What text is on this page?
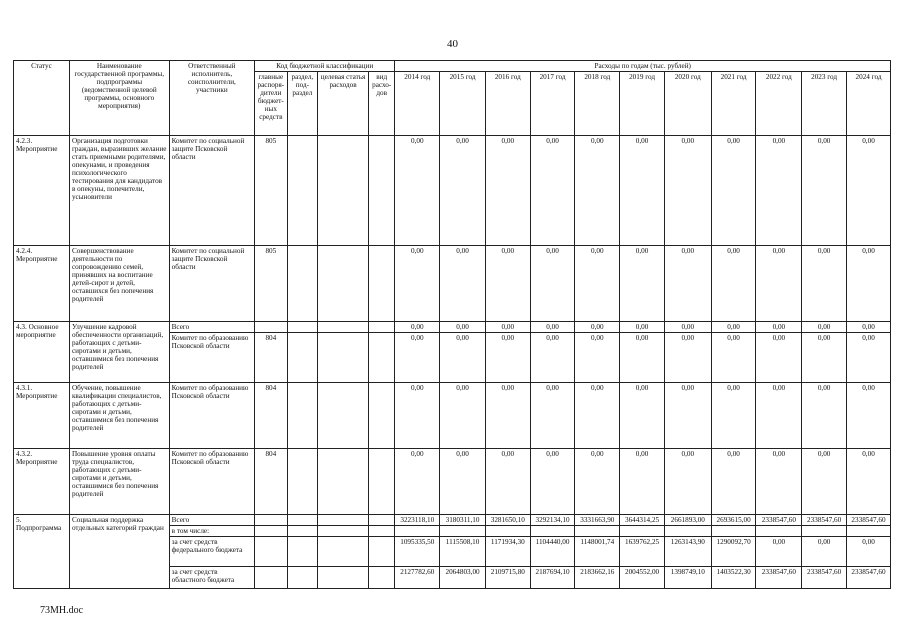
40
Статус	Наименование государственной программы, подпрограммы (ведомственной целевой программы, основного мероприятия)	Ответственный исполнитель, соисполнители, участники	Код бюджетной классификации				Расходы по годам (тыс. рублей)										
			главные распоря-дители бюджет-ных средств	раздел, под-раздел	целевая статья расходов	вид расхо-дов	2014 год	2015 год	2016 год	2017 год	2018 год	2019 год	2020 год	2021 год	2022 год	2023 год	2024 год
4.2.3. Мероприятие	Организация подготовки граждан, выразивших желание стать приемными родителями, опекунами, и проведения психологического тестирования для кандидатов в опекуны, попечители, усыновители	Комитет по социальной защите Псковской области	805				0,00	0,00	0,00	0,00	0,00	0,00	0,00	0,00	0,00	0,00	0,00
4.2.4. Мероприятие	Совершенствование деятельности по сопровождению семей, принявших на воспитание детей-сирот и детей, оставшихся без попечения родителей	Комитет по социальной защите Псковской области	805				0,00	0,00	0,00	0,00	0,00	0,00	0,00	0,00	0,00	0,00	0,00
4.3. Основное мероприятие	Улучшение кадровой обеспеченности организаций, работающих с детьми-сиротами и детьми, оставшимися без попечения родителей	Всего					0,00	0,00	0,00	0,00	0,00	0,00	0,00	0,00	0,00	0,00	0,00
		Комитет по образованию Псковской области	804				0,00	0,00	0,00	0,00	0,00	0,00	0,00	0,00	0,00	0,00	0,00
4.3.1. Мероприятие	Обучение, повышение квалификации специалистов, работающих с детьми-сиротами и детьми, оставшимися без попечения родителей	Комитет по образованию Псковской области	804				0,00	0,00	0,00	0,00	0,00	0,00	0,00	0,00	0,00	0,00	0,00
4.3.2. Мероприятие	Повышение уровня оплаты труда специалистов, работающих с детьми-сиротами и детьми, оставшимися без попечения родителей	Комитет по образованию Псковской области	804				0,00	0,00	0,00	0,00	0,00	0,00	0,00	0,00	0,00	0,00	0,00
5. Подпрограмма	Социальная поддержка отдельных категорий граждан	Всего					3223118,10	3180311,10	3281650,10	3292134,10	3331663,90	3644314,25	2661893,00	2693615,00	2338547,60	2338547,60	2338547,60
		в том числе:															
		за счет средств федерального бюджета					1095335,50	1115508,10	1171934,30	1104440,00	1148001,74	1639762,25	1263143,90	1290092,70	0,00	0,00	0,00
		за счет средств областного бюджета					2127782,60	2064803,00	2109715,80	2187694,10	2183662,16	2004552,00	1398749,10	1403522,30	2338547,60	2338547,60	2338547,60
73МН.doc
